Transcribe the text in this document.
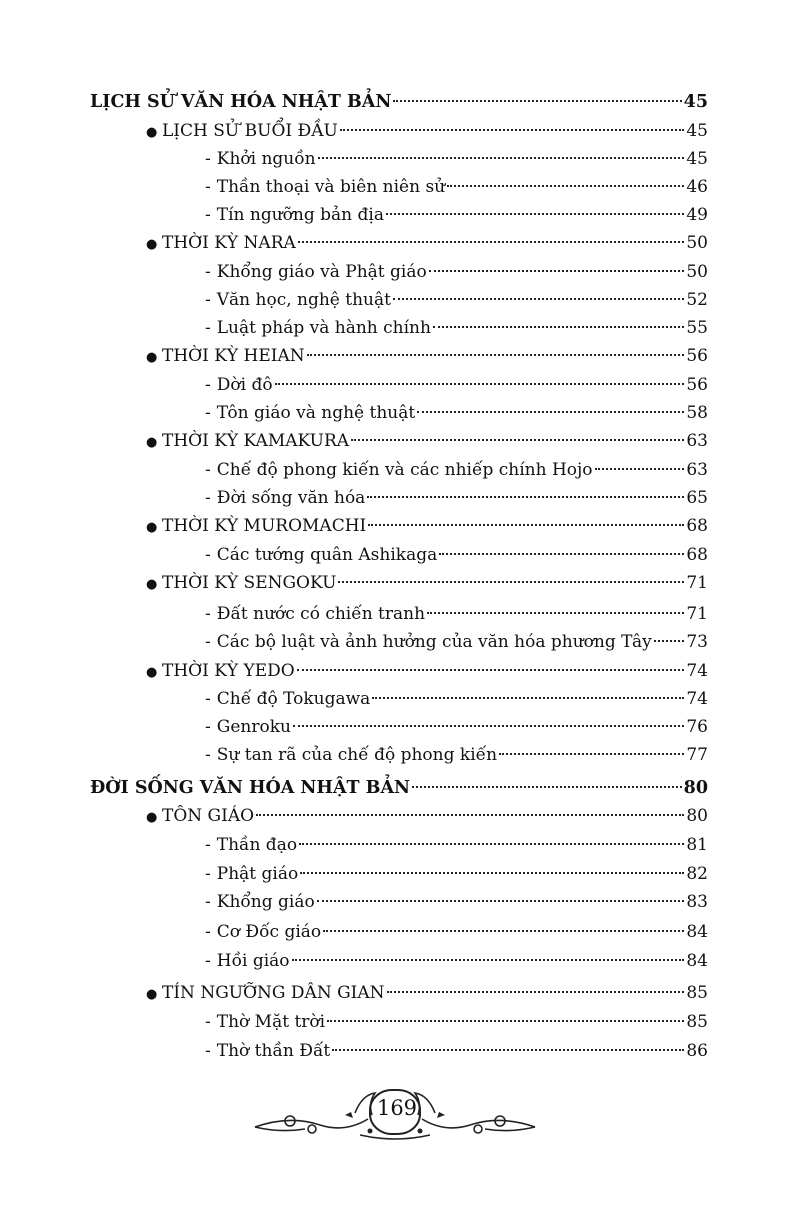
LỊCH SỬ VĂN HÓA NHẬT BẢN	45
● LỊCH SỬ BUỔI ĐẦU	45
- Khởi nguồn	45
- Thần thoại và biên niên sử	46
- Tín ngưỡng bản địa	49
● THỜI KỲ NARA	50
- Khổng giáo và Phật giáo	50
- Văn học, nghệ thuật	52
- Luật pháp và hành chính	55
● THỜI KỲ HEIAN	56
- Dời đô	56
- Tôn giáo và nghệ thuật	58
● THỜI KỲ KAMAKURA	63
- Chế độ phong kiến và các nhiếp chính Hojo	63
- Đời sống văn hóa	65
● THỜI KỲ MUROMACHI	68
- Các tướng quân Ashikaga	68
● THỜI KỲ SENGOKU	71
- Đất nước có chiến tranh	71
- Các bộ luật và ảnh hưởng của văn hóa phương Tây 73
● THỜI KỲ YEDO	74
- Chế độ Tokugawa	74
- Genroku	76
- Sự tan rã của chế độ phong kiến	77
ĐỜI SỐNG VĂN HÓA NHẬT BẢN	80
● TÔN GIÁO	80
- Thần đạo	81
- Phật giáo	82
- Khổng giáo	83
- Cơ Đốc giáo	84
- Hồi giáo	84
● TÍN NGƯỠNG DÂN GIAN	85
- Thờ Mặt trời	85
- Thờ thần Đất	86
169
